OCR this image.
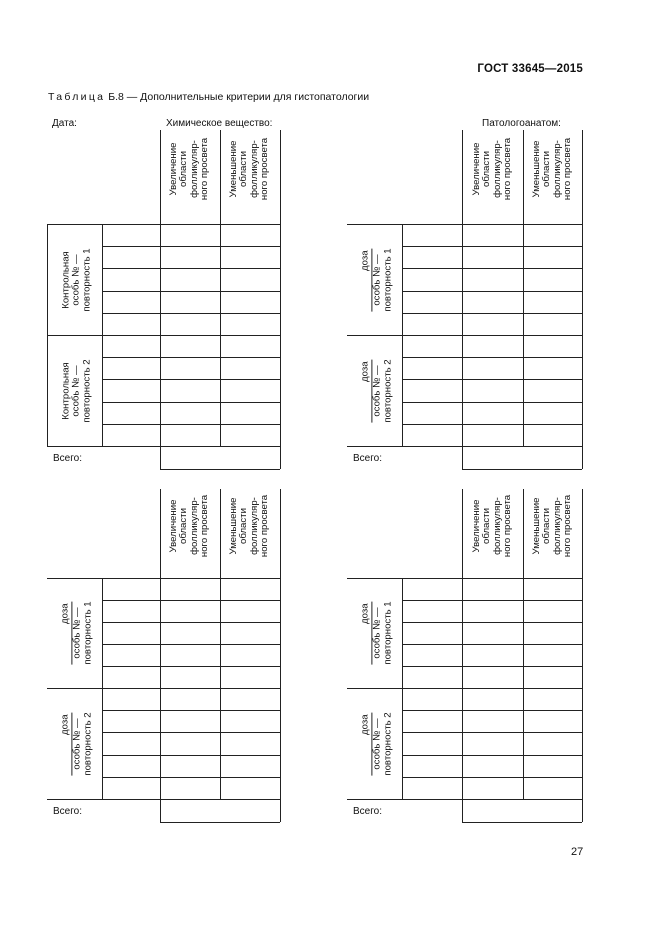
ГОСТ 33645—2015
Таблица Б.8 — Дополнительные критерии для гистопатологии
Дата:	Химическое вещество:	Патологоанатом:
Увеличение области фолликуляр- ного просвета Уменьшение области фолликуляр- ного просвета
Контрольная особь № — повторность 1
Контрольная особь № — повторность 2
Всего:
Увеличение области фолликуляр- ного просвета Уменьшение области фолликуляр- ного просвета
доза особь № — повторность 1
доза особь № — повторность 2
Всего:
Увеличение области фолликуляр- ного просвета Уменьшение области фолликуляр- ного просвета
доза особь № — повторность 1
доза особь № — повторность 2
Всего:
Увеличение области фолликуляр- ного просвета Уменьшение области фолликуляр- ного просвета
доза особь № — повторность 1
доза особь № — повторность 2
Всего:
27
